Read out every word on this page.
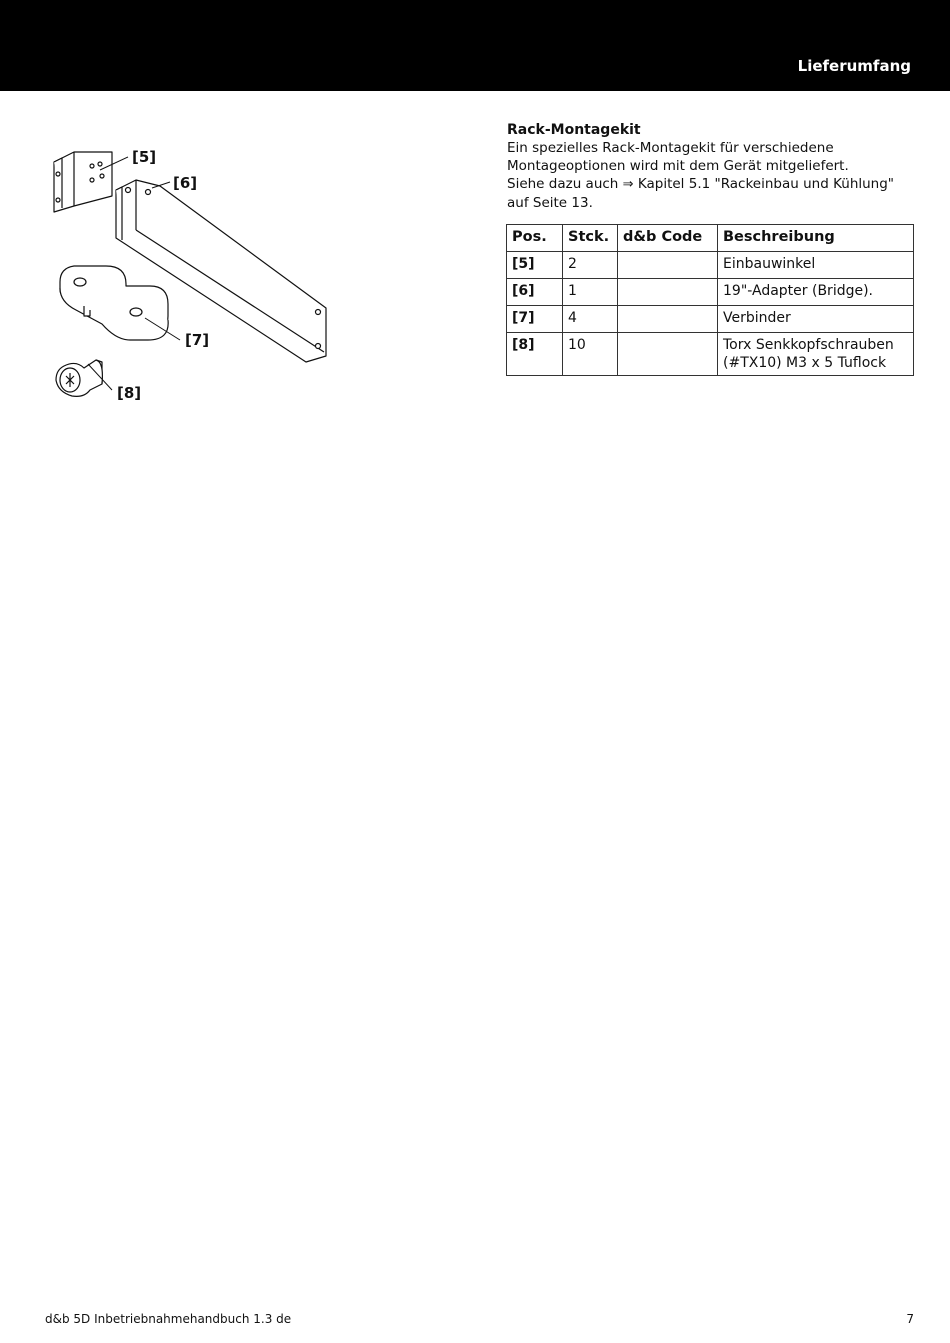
Lieferumfang
[5]
[6]
[7]
[8]
Rack-Montagekit

Ein spezielles Rack-Montagekit für verschiedene Montageoptionen wird mit dem Gerät mitgeliefert.

Siehe dazu auch ⇒ Kapitel 5.1 "Rackeinbau und Kühlung" auf Seite 13.

Pos.	Stck.	d&b Code	Beschreibung
[5]	2		Einbauwinkel
[6]	1		19"-Adapter (Bridge).
[7]	4		Verbinder
[8]	10		Torx Senkkopfschrauben (#TX10) M3 x 5 Tuflock
d&b 5D Inbetriebnahmehandbuch 1.3 de	7
